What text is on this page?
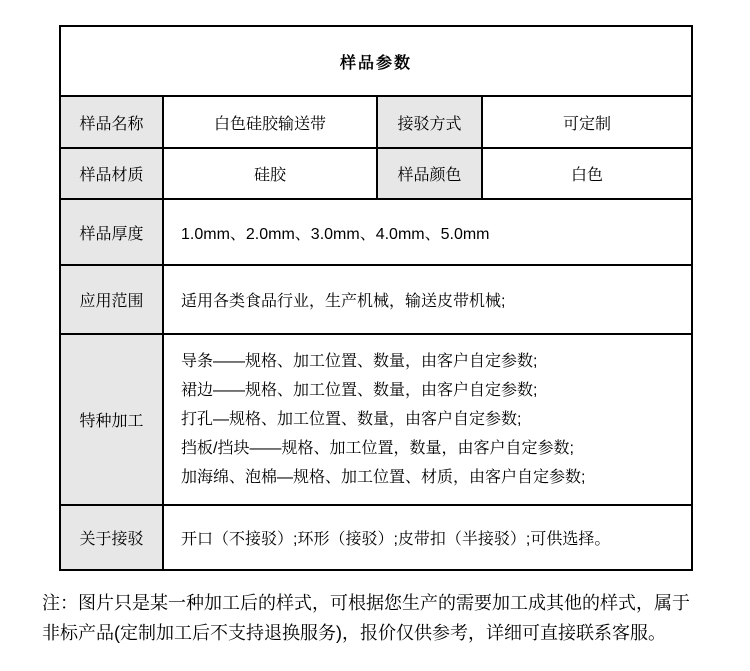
样品参数			
样品名称	白色硅胶输送带	接驳方式	可定制
样品材质	硅胶	样品颜色	白色
样品厚度	1.0mm、2.0mm、3.0mm、4.0mm、5.0mm		
应用范围	适用各类食品行业，生产机械，输送皮带机械;		
特种加工	导条——规格、加工位置、数量，由客户自定参数;
裙边——规格、加工位置、数量，由客户自定参数;
打孔—规格、加工位置、数量，由客户自定参数;
挡板/挡块——规格、加工位置，数量，由客户自定参数;
加海绵、泡棉—规格、加工位置、材质，由客户自定参数;		

关于接驳	开口（不接驳）;环形（接驳）;皮带扣（半接驳）;可供选择。		
注：图片只是某一种加工后的样式，可根据您生产的需要加工成其他的样式，属于
非标产品(定制加工后不支持退换服务)，报价仅供参考，详细可直接联系客服。
